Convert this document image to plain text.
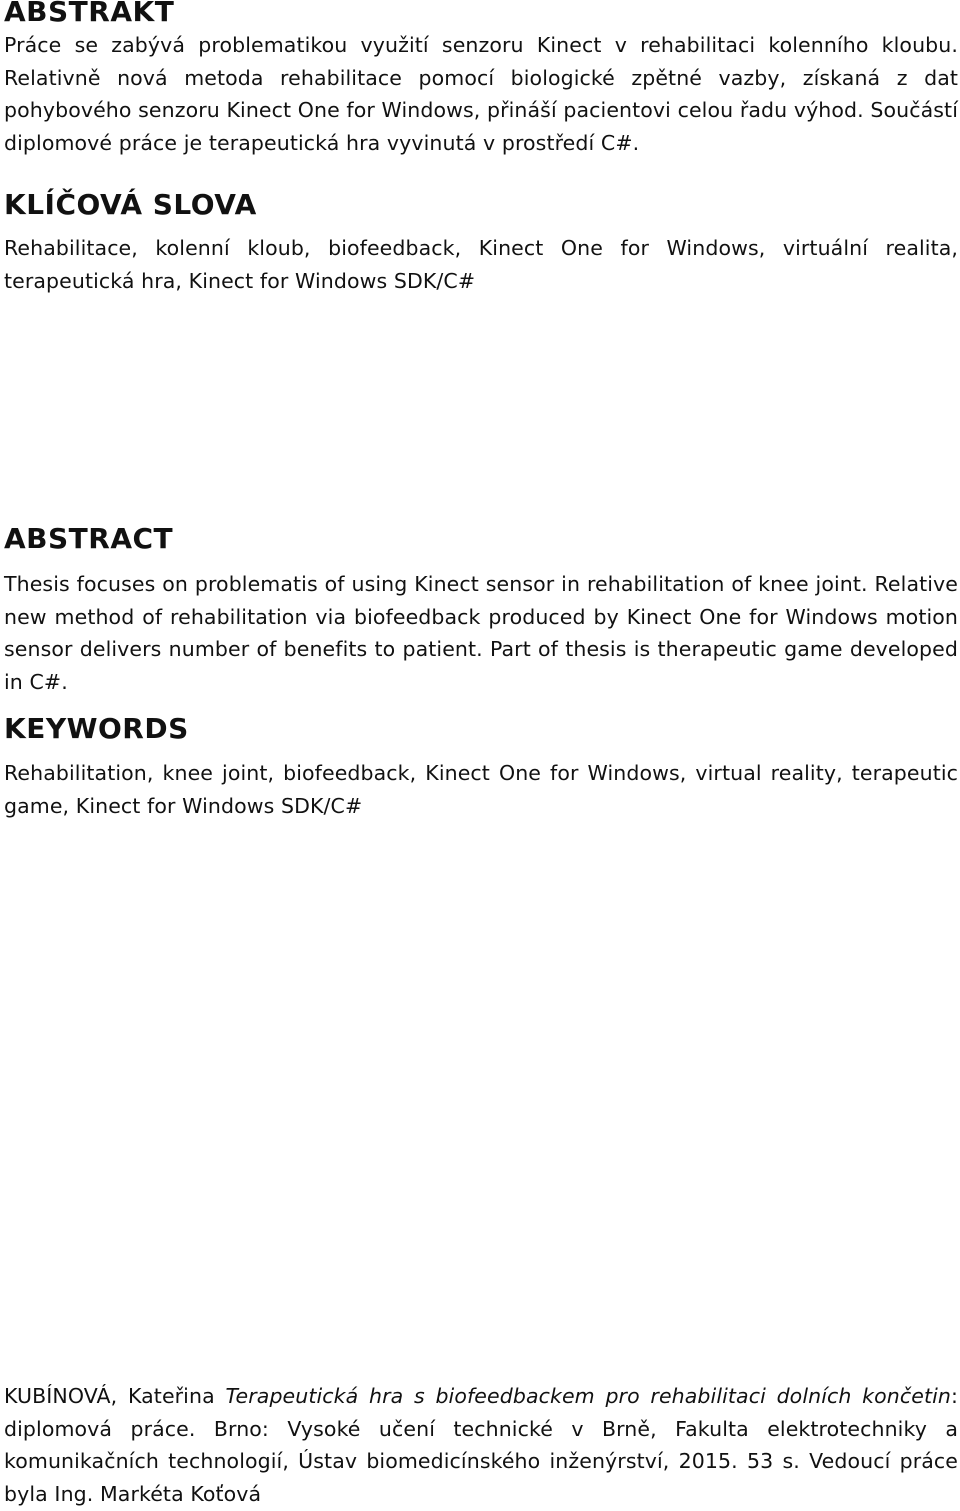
ABSTRAKT

Práce se zabývá problematikou využití senzoru Kinect v rehabilitaci kolenního kloubu. Relativně nová metoda rehabilitace pomocí biologické zpětné vazby, získaná z dat pohybového senzoru Kinect One for Windows, přináší pacientovi celou řadu výhod. Součástí diplomové práce je terapeutická hra vyvinutá v prostředí C#.

KLÍČOVÁ SLOVA

Rehabilitace, kolenní kloub, biofeedback, Kinect One for Windows, virtuální realita, terapeutická hra, Kinect for Windows SDK/C#

ABSTRACT

Thesis focuses on problematis of using Kinect sensor in rehabilitation of knee joint. Relative new method of rehabilitation via biofeedback produced by Kinect One for Windows motion sensor delivers number of benefits to patient. Part of thesis is therapeutic game developed in C#.

KEYWORDS

Rehabilitation, knee joint, biofeedback, Kinect One for Windows, virtual reality, terapeutic game, Kinect for Windows SDK/C#

KUBÍNOVÁ, Kateřina Terapeutická hra s biofeedbackem pro rehabilitaci dolních končetin: diplomová práce. Brno: Vysoké učení technické v Brně, Fakulta elektrotechniky a komunikačních technologií, Ústav biomedicínského inženýrství, 2015. 53 s. Vedoucí práce byla Ing. Markéta Koťová
